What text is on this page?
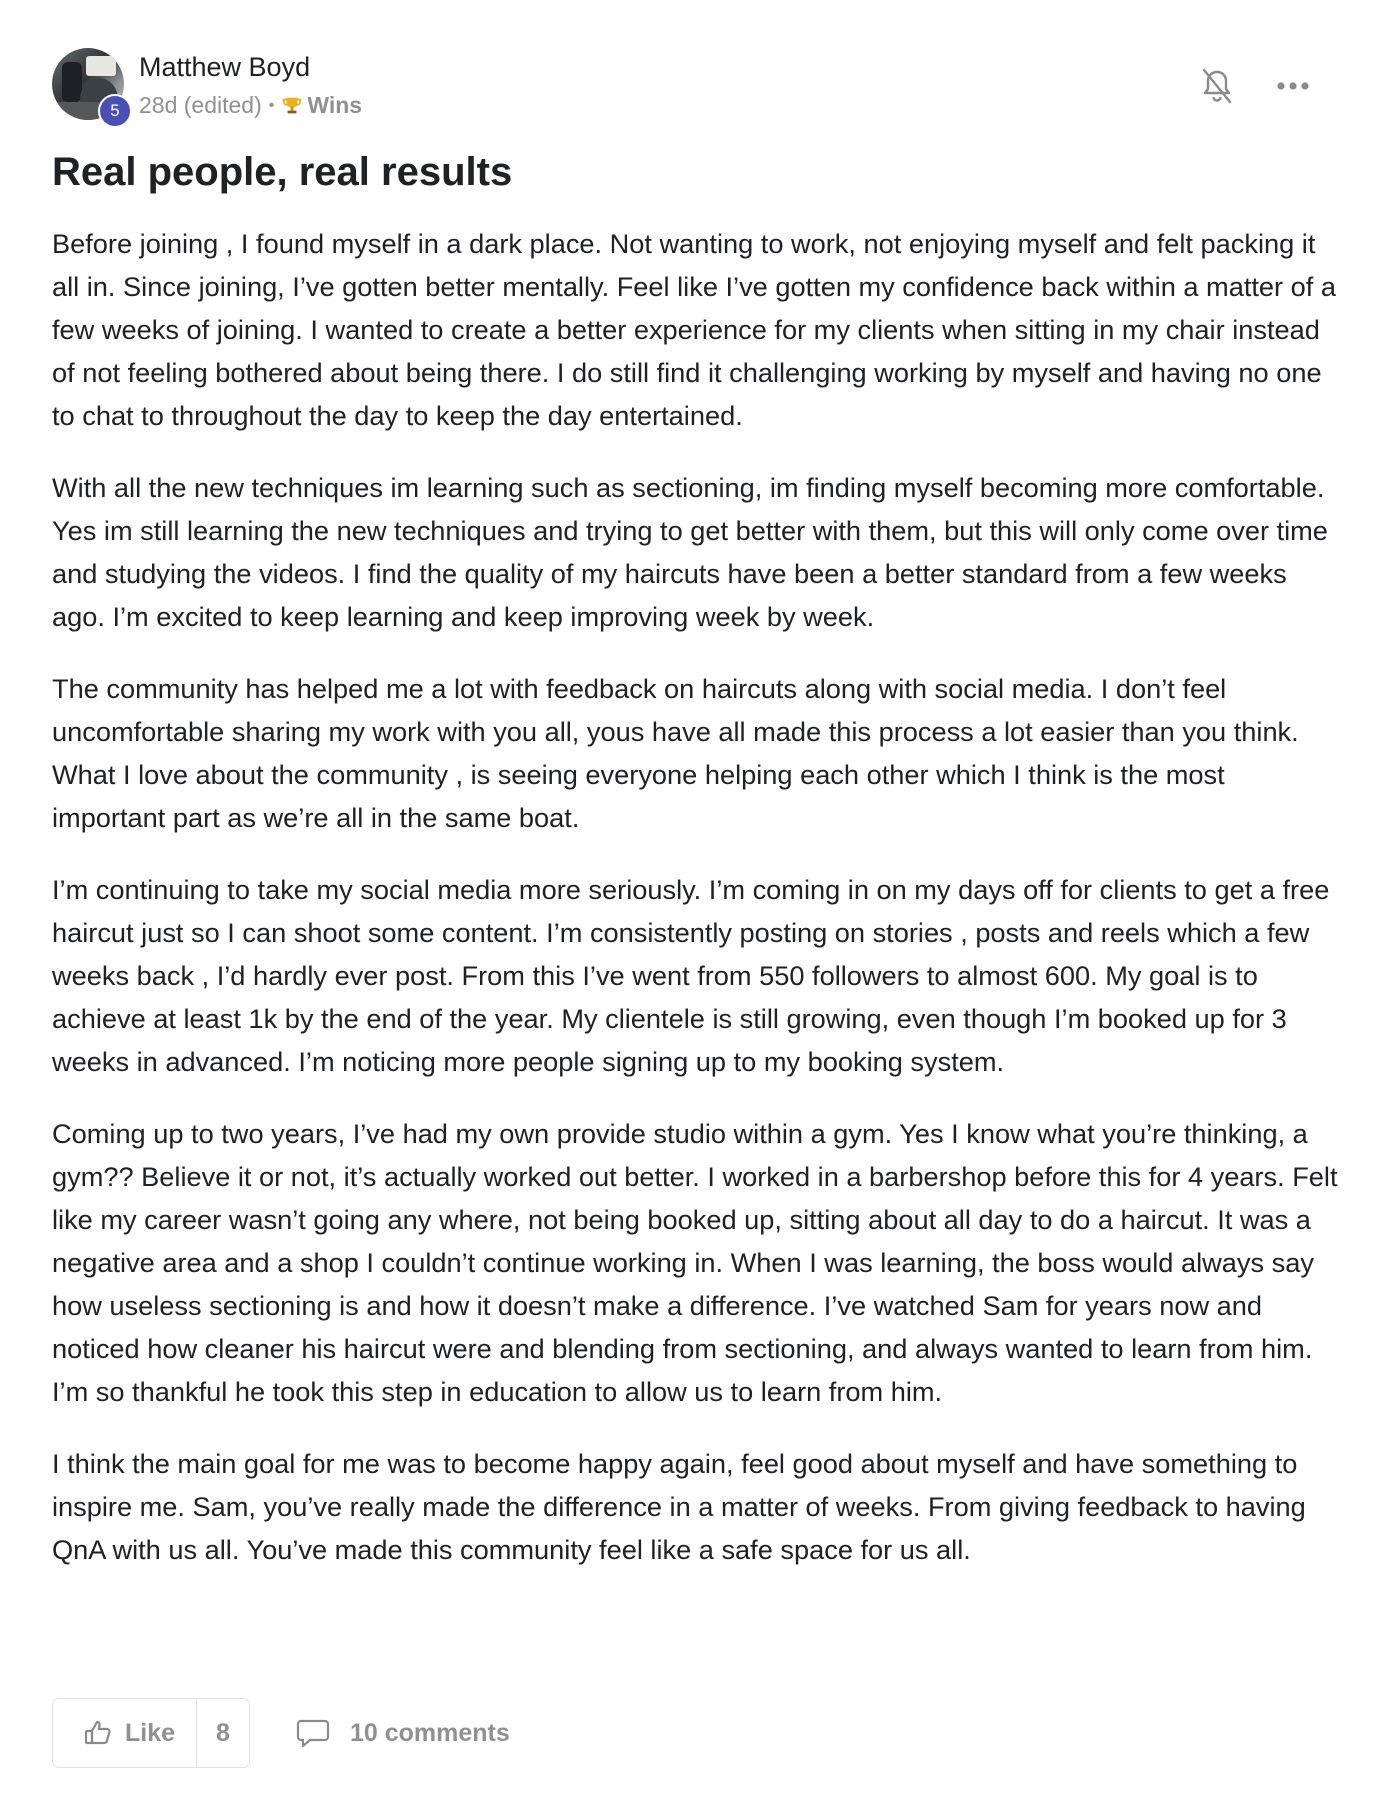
5
Matthew Boyd
28d (edited) • Wins
Real people, real results

Before joining , I found myself in a dark place. Not wanting to work, not enjoying myself and felt packing it all in. Since joining, I’ve gotten better mentally. Feel like I’ve gotten my confidence back within a matter of a few weeks of joining. I wanted to create a better experience for my clients when sitting in my chair instead of not feeling bothered about being there. I do still find it challenging working by myself and having no one to chat to throughout the day to keep the day entertained.

With all the new techniques im learning such as sectioning, im finding myself becoming more comfortable. Yes im still learning the new techniques and trying to get better with them, but this will only come over time and studying the videos. I find the quality of my haircuts have been a better standard from a few weeks ago. I’m excited to keep learning and keep improving week by week.

The community has helped me a lot with feedback on haircuts along with social media. I don’t feel uncomfortable sharing my work with you all, yous have all made this process a lot easier than you think. What I love about the community , is seeing everyone helping each other which I think is the most important part as we’re all in the same boat.

I’m continuing to take my social media more seriously. I’m coming in on my days off for clients to get a free haircut just so I can shoot some content. I’m consistently posting on stories , posts and reels which a few weeks back , I’d hardly ever post. From this I’ve went from 550 followers to almost 600. My goal is to achieve at least 1k by the end of the year. My clientele is still growing, even though I’m booked up for 3 weeks in advanced. I’m noticing more people signing up to my booking system.

Coming up to two years, I’ve had my own provide studio within a gym. Yes I know what you’re thinking, a gym?? Believe it or not, it’s actually worked out better. I worked in a barbershop before this for 4 years. Felt like my career wasn’t going any where, not being booked up, sitting about all day to do a haircut. It was a negative area and a shop I couldn’t continue working in. When I was learning, the boss would always say how useless sectioning is and how it doesn’t make a difference. I’ve watched Sam for years now and noticed how cleaner his haircut were and blending from sectioning, and always wanted to learn from him. I’m so thankful he took this step in education to allow us to learn from him.

I think the main goal for me was to become happy again, feel good about myself and have something to inspire me. Sam, you’ve really made the difference in a matter of weeks. From giving feedback to having QnA with us all. You’ve made this community feel like a safe space for us all.

Like	8	10 comments
